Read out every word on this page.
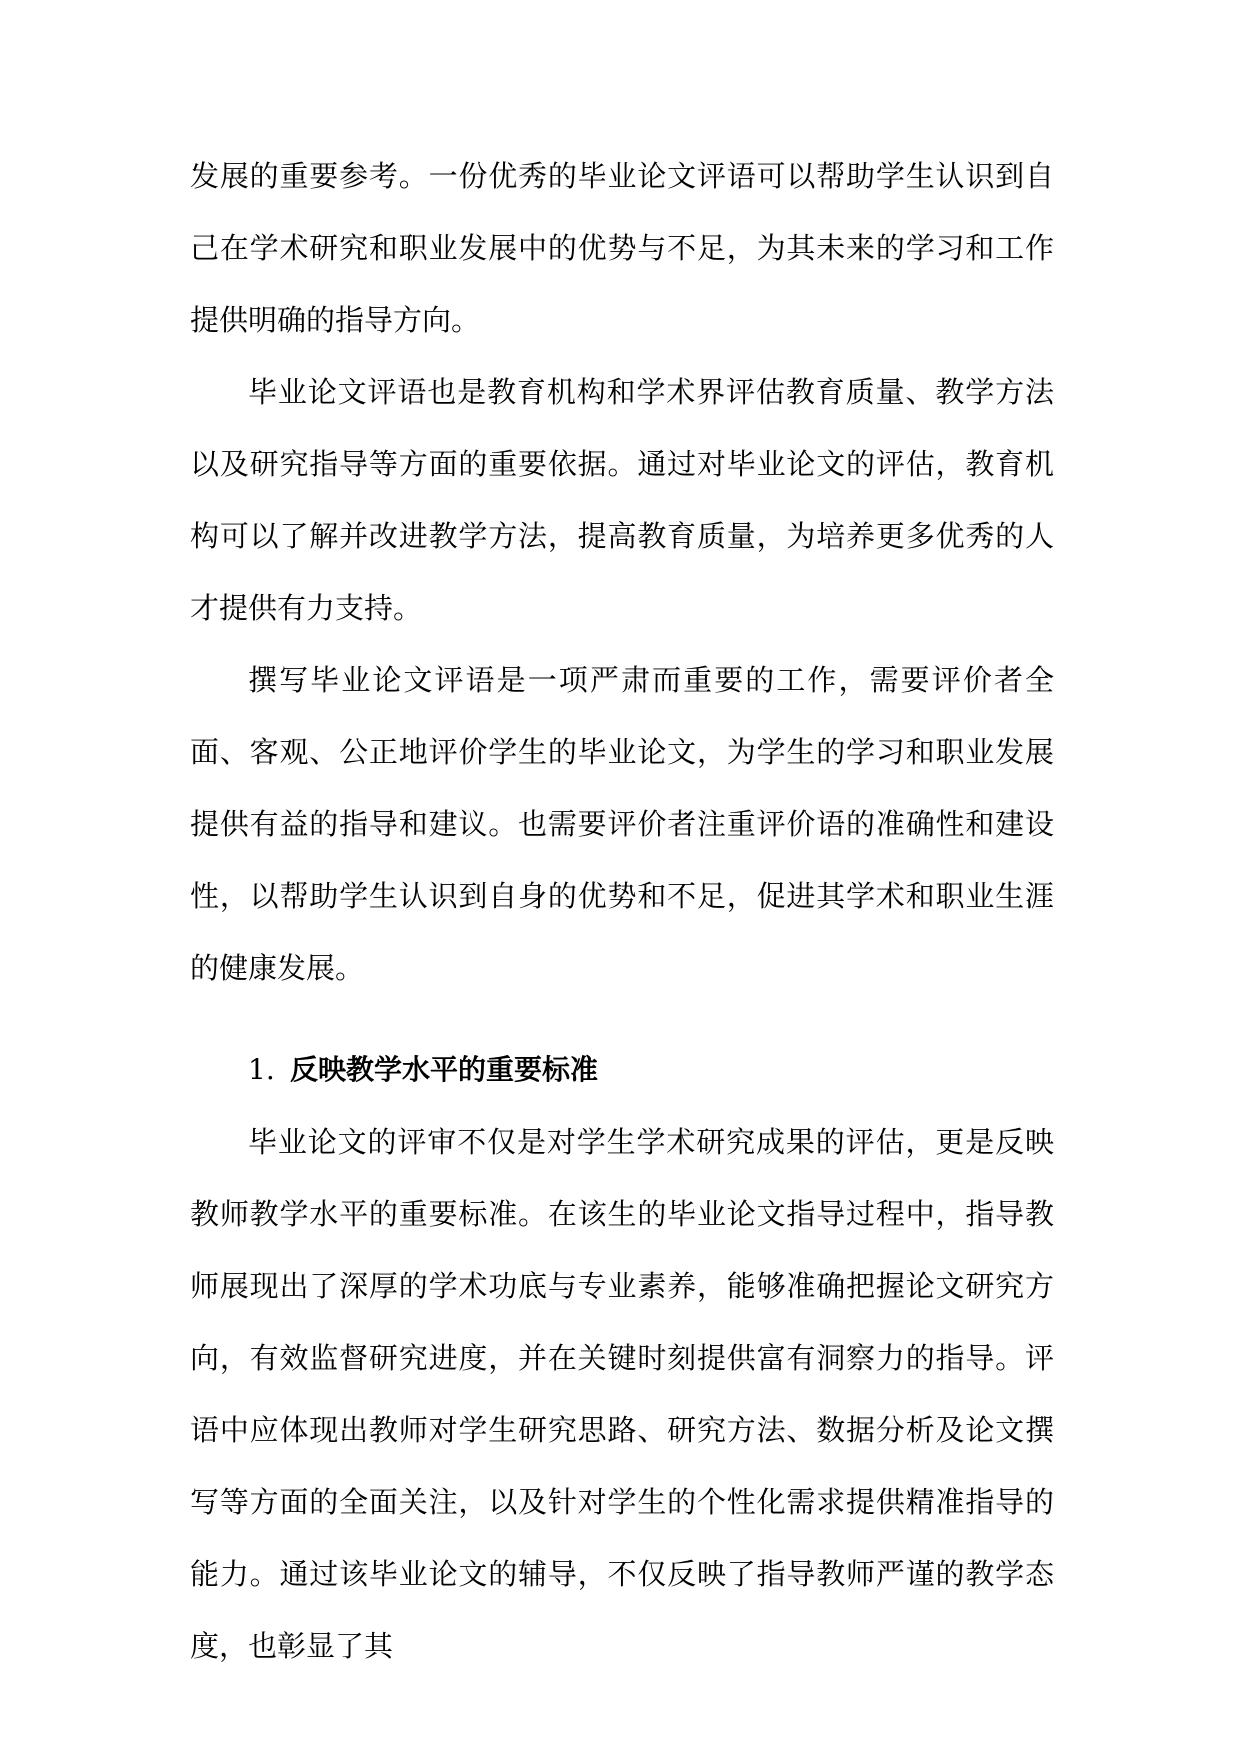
发展的重要参考。一份优秀的毕业论文评语可以帮助学生认识到自己在学术研究和职业发展中的优势与不足，为其未来的学习和工作提供明确的指导方向。

毕业论文评语也是教育机构和学术界评估教育质量、教学方法以及研究指导等方面的重要依据。通过对毕业论文的评估，教育机构可以了解并改进教学方法，提高教育质量，为培养更多优秀的人才提供有力支持。

撰写毕业论文评语是一项严肃而重要的工作，需要评价者全面、客观、公正地评价学生的毕业论文，为学生的学习和职业发展提供有益的指导和建议。也需要评价者注重评价语的准确性和建设性，以帮助学生认识到自身的优势和不足，促进其学术和职业生涯的健康发展。

1. 反映教学水平的重要标准

毕业论文的评审不仅是对学生学术研究成果的评估，更是反映教师教学水平的重要标准。在该生的毕业论文指导过程中，指导教师展现出了深厚的学术功底与专业素养，能够准确把握论文研究方向，有效监督研究进度，并在关键时刻提供富有洞察力的指导。评语中应体现出教师对学生研究思路、研究方法、数据分析及论文撰写等方面的全面关注，以及针对学生的个性化需求提供精准指导的能力。通过该毕业论文的辅导，不仅反映了指导教师严谨的教学态度，也彰显了其
